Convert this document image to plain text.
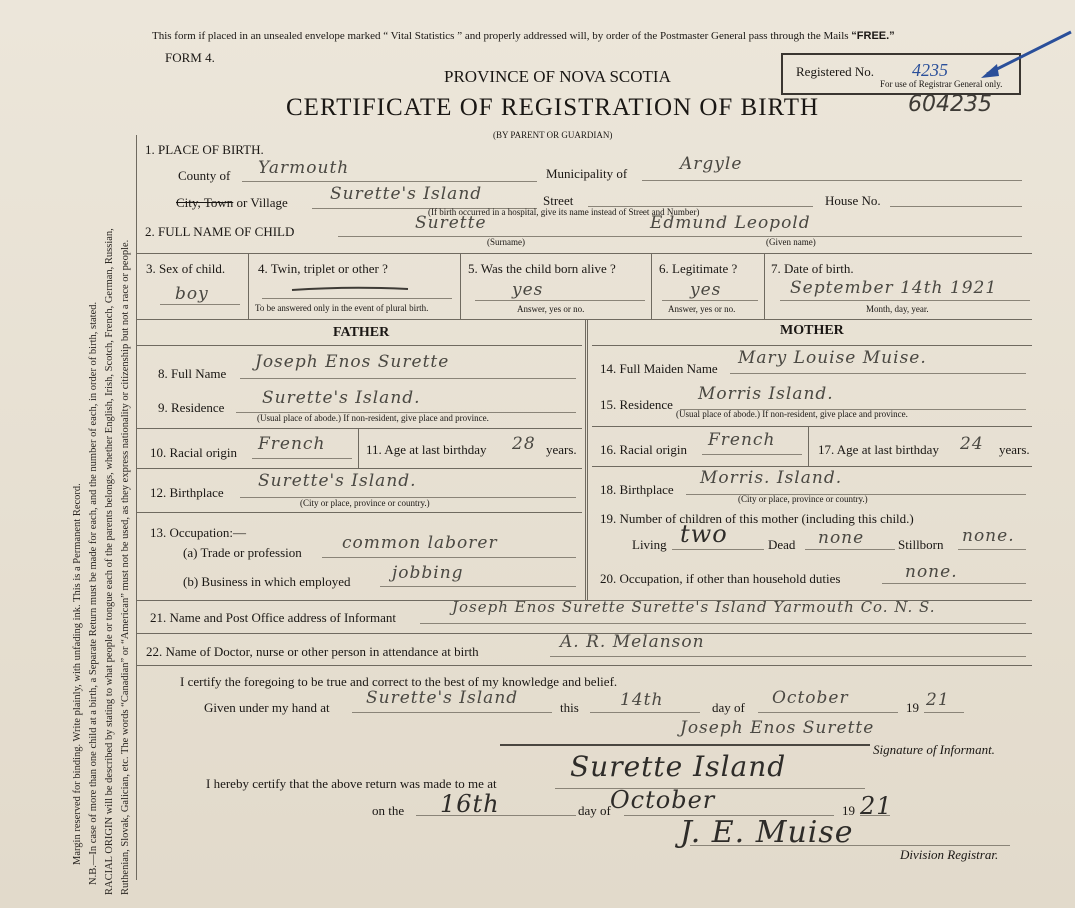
Margin reserved for binding. Write plainly, with unfading ink. This is a Permanent Record. N.B.—In case of more than one child at a birth, a Separate Return must be made for each, and the number of each, in order of birth, stated. RACIAL ORIGIN will be described by stating to what people or tongue each of the parents belongs, whether English, Irish, Scotch, French, German, Russian, Ruthenian, Slovak, Galician, etc. The words “Canadian” or “American” must not be used, as they express nationality or citizenship but not a race or people.
This form if placed in an unsealed envelope marked “ Vital Statistics ” and properly addressed will, by order of the Postmaster General pass through the Mails “FREE.”
FORM 4.
PROVINCE OF NOVA SCOTIA
CERTIFICATE OF REGISTRATION OF BIRTH
(BY PARENT OR GUARDIAN)
Registered No. 4235
For use of Registrar General only.
604235
1. PLACE OF BIRTH.
County of Yarmouth	Municipality of	Argyle
City, Town or Village Surette's Island	Street	House No.
(If birth occurred in a hospital, give its name instead of Street and Number)
2. FULL NAME OF CHILD	Surette
(Surname)
Edmund Leopold
(Given name)
3. Sex of child.
boy
4. Twin, triplet or other ?
To be answered only in the event of plural birth.
5. Was the child born alive ?
yes
Answer, yes or no.
6. Legitimate ?
yes
Answer, yes or no.
7. Date of birth.
September 14th 1921
Month, day, year.
FATHER	MOTHER
8. Full Name
Joseph Enos Surette
9. Residence Surette's Island.
(Usual place of abode.) If non-resident, give place and province.
10. Racial origin French	11. Age at last birthday 28 years.
12. Birthplace
Surette's Island.
(City or place, province or country.)
13. Occupation:—
(a) Trade or profession common laborer
(b) Business in which employed jobbing
14. Full Maiden Name
Mary Louise Muise.
15. Residence
Morris Island.
(Usual place of abode.) If non-resident, give place and province.
16. Racial origin French	17. Age at last birthday 24 years.
18. Birthplace
Morris. Island.
(City or place, province or country.)
19. Number of children of this mother (including this child.)
Living two	Dead none	Stillborn none.
20. Occupation, if other than household duties	none.
21. Name and Post Office address of Informant
Joseph Enos Surette Surette's Island Yarmouth Co. N. S.
22. Name of Doctor, nurse or other person in attendance at birth	A. R. Melanson
I certify the foregoing to be true and correct to the best of my knowledge and belief.
Given under my hand at Surette's Island	this 14th	day of October	19 21
Joseph Enos Surette
Signature of Informant.
I hereby certify that the above return was made to me at
Surette Island
on the 16th	day of October	19 21
J. E. Muise
Division Registrar.
